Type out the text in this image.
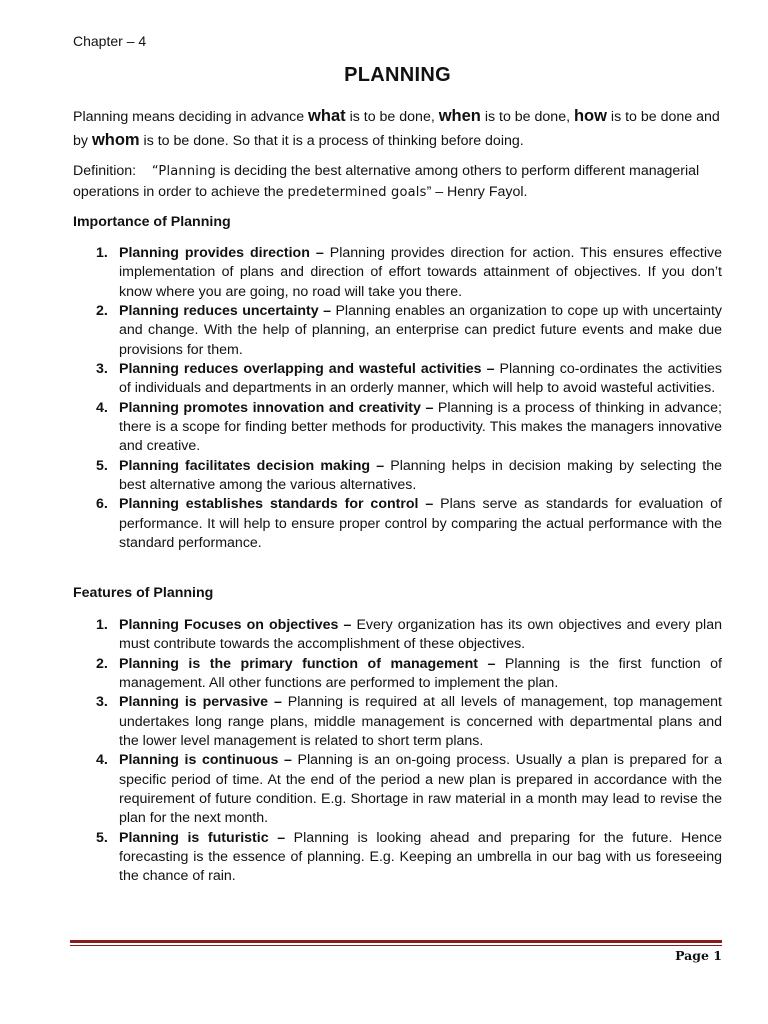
Chapter – 4
PLANNING

Planning means deciding in advance what is to be done, when is to be done, how is to be done and by whom is to be done. So that it is a process of thinking before doing.

Definition: “Planning is deciding the best alternative among others to perform different managerial operations in order to achieve the predetermined goals” – Henry Fayol.

Importance of Planning
1. Planning provides direction – Planning provides direction for action. This ensures effective implementation of plans and direction of effort towards attainment of objectives. If you don’t know where you are going, no road will take you there.
2. Planning reduces uncertainty – Planning enables an organization to cope up with uncertainty and change. With the help of planning, an enterprise can predict future events and make due provisions for them.
3. Planning reduces overlapping and wasteful activities – Planning co-ordinates the activities of individuals and departments in an orderly manner, which will help to avoid wasteful activities.
4. Planning promotes innovation and creativity – Planning is a process of thinking in advance; there is a scope for finding better methods for productivity. This makes the managers innovative and creative.
5. Planning facilitates decision making – Planning helps in decision making by selecting the best alternative among the various alternatives.
6. Planning establishes standards for control – Plans serve as standards for evaluation of performance. It will help to ensure proper control by comparing the actual performance with the standard performance.
Features of Planning
1. Planning Focuses on objectives – Every organization has its own objectives and every plan must contribute towards the accomplishment of these objectives.
2. Planning is the primary function of management – Planning is the first function of management. All other functions are performed to implement the plan.
3. Planning is pervasive – Planning is required at all levels of management, top management undertakes long range plans, middle management is concerned with departmental plans and the lower level management is related to short term plans.
4. Planning is continuous – Planning is an on-going process. Usually a plan is prepared for a specific period of time. At the end of the period a new plan is prepared in accordance with the requirement of future condition. E.g. Shortage in raw material in a month may lead to revise the plan for the next month.
5. Planning is futuristic – Planning is looking ahead and preparing for the future. Hence forecasting is the essence of planning. E.g. Keeping an umbrella in our bag with us foreseeing the chance of rain.
Page 1
